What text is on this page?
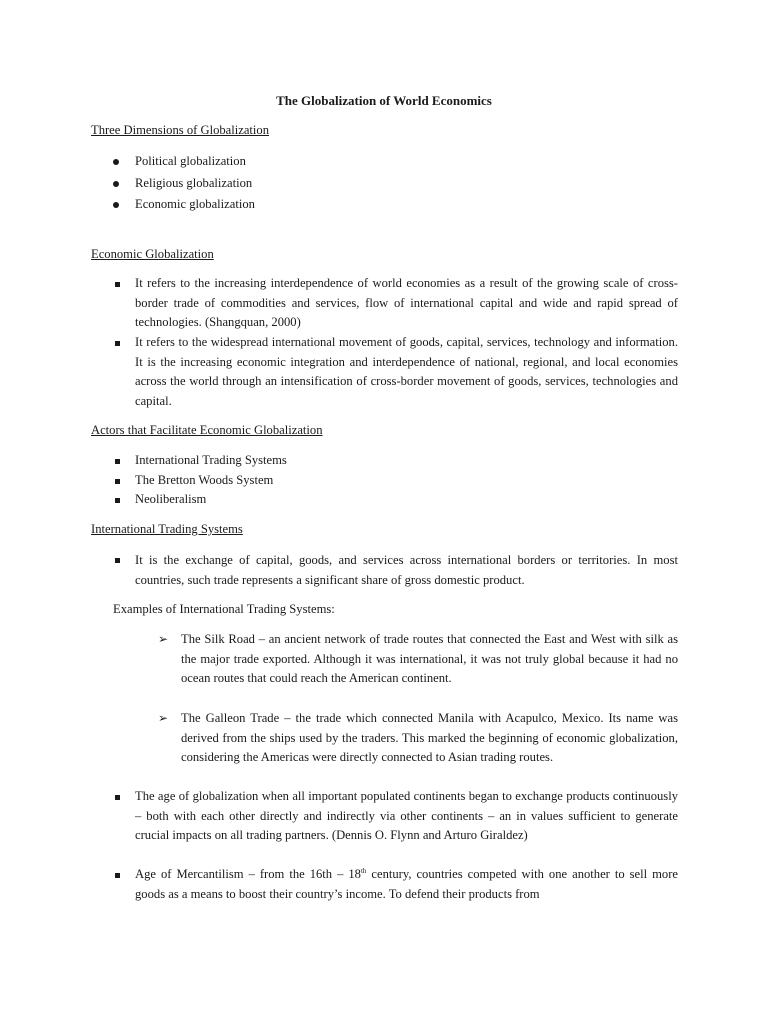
The Globalization of World Economics
Three Dimensions of Globalization
Political globalization
Religious globalization
Economic globalization
Economic Globalization
It refers to the increasing interdependence of world economies as a result of the growing scale of cross-border trade of commodities and services, flow of international capital and wide and rapid spread of technologies. (Shangquan, 2000)
It refers to the widespread international movement of goods, capital, services, technology and information. It is the increasing economic integration and interdependence of national, regional, and local economies across the world through an intensification of cross-border movement of goods, services, technologies and capital.
Actors that Facilitate Economic Globalization
International Trading Systems
The Bretton Woods System
Neoliberalism
International Trading Systems
It is the exchange of capital, goods, and services across international borders or territories. In most countries, such trade represents a significant share of gross domestic product.
Examples of International Trading Systems:
➢ The Silk Road – an ancient network of trade routes that connected the East and West with silk as the major trade exported. Although it was international, it was not truly global because it had no ocean routes that could reach the American continent.
➢ The Galleon Trade – the trade which connected Manila with Acapulco, Mexico. Its name was derived from the ships used by the traders. This marked the beginning of economic globalization, considering the Americas were directly connected to Asian trading routes.
The age of globalization when all important populated continents began to exchange products continuously – both with each other directly and indirectly via other continents – an in values sufficient to generate crucial impacts on all trading partners. (Dennis O. Flynn and Arturo Giraldez)
Age of Mercantilism – from the 16th – 18th century, countries competed with one another to sell more goods as a means to boost their country’s income. To defend their products from
